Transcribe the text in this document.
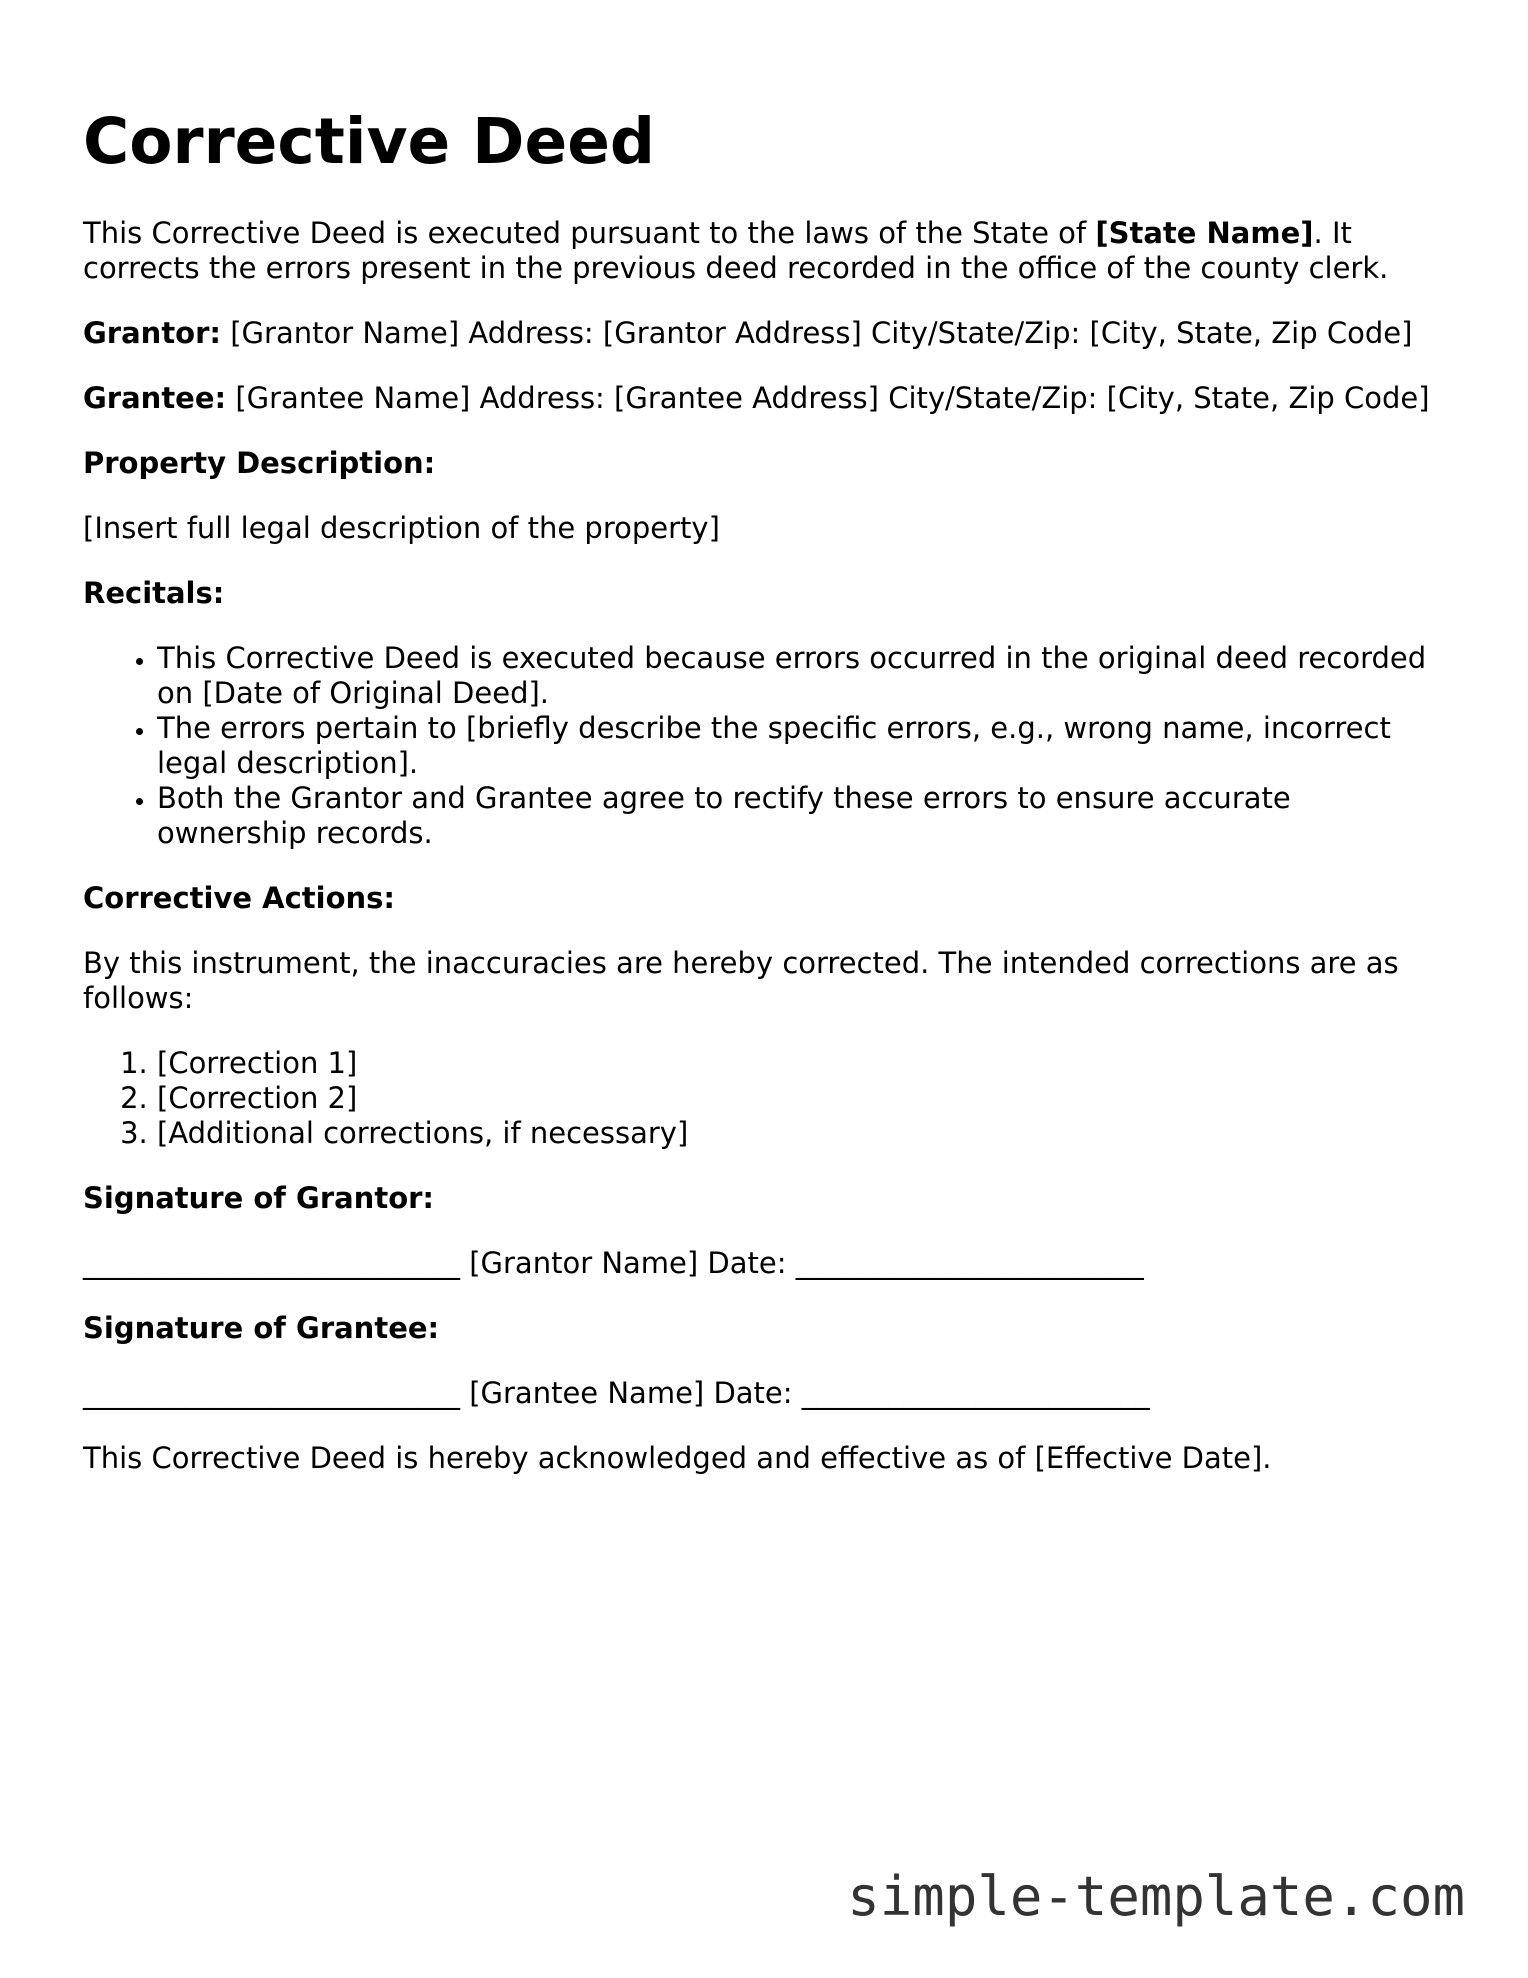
Corrective Deed

This Corrective Deed is executed pursuant to the laws of the State of [State Name]. It corrects the errors present in the previous deed recorded in the office of the county clerk.

Grantor: [Grantor Name] Address: [Grantor Address] City/State/Zip: [City, State, Zip Code]

Grantee: [Grantee Name] Address: [Grantee Address] City/State/Zip: [City, State, Zip Code]

Property Description:

[Insert full legal description of the property]

Recitals:

• This Corrective Deed is executed because errors occurred in the original deed recorded on [Date of Original Deed].
• The errors pertain to [briefly describe the specific errors, e.g., wrong name, incorrect legal description].
• Both the Grantor and Grantee agree to rectify these errors to ensure accurate ownership records.

Corrective Actions:

By this instrument, the inaccuracies are hereby corrected. The intended corrections are as follows:

1. [Correction 1]
2. [Correction 2]
3. [Additional corrections, if necessary]

Signature of Grantor:

__________________________ [Grantor Name] Date: ________________________

Signature of Grantee:

__________________________ [Grantee Name] Date: ________________________

This Corrective Deed is hereby acknowledged and effective as of [Effective Date].

simple-template.com
